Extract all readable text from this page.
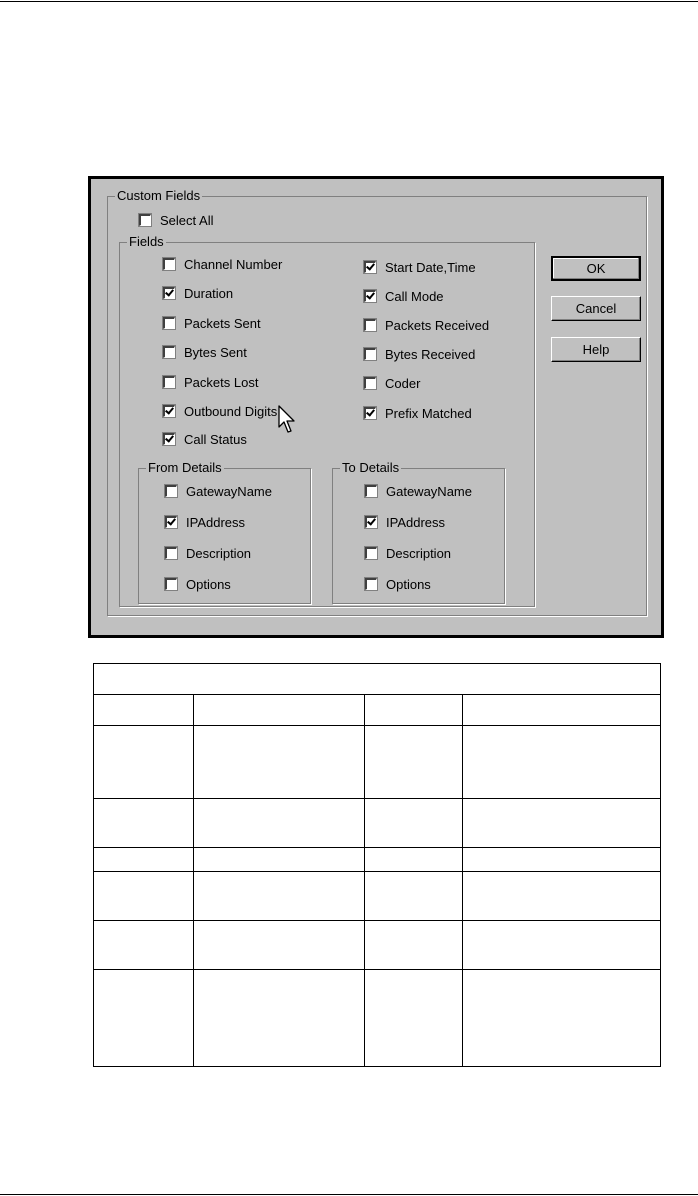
Custom Fields
Select All
Fields
Channel Number
Duration
Packets Sent
Bytes Sent
Packets Lost
Outbound Digits
Call Status
Start Date,Time
Call Mode
Packets Received
Bytes Received
Coder
Prefix Matched
From Details
GatewayName
IPAddress
Description
Options
To Details
GatewayName
IPAddress
Description
Options
OK
Cancel
Help
